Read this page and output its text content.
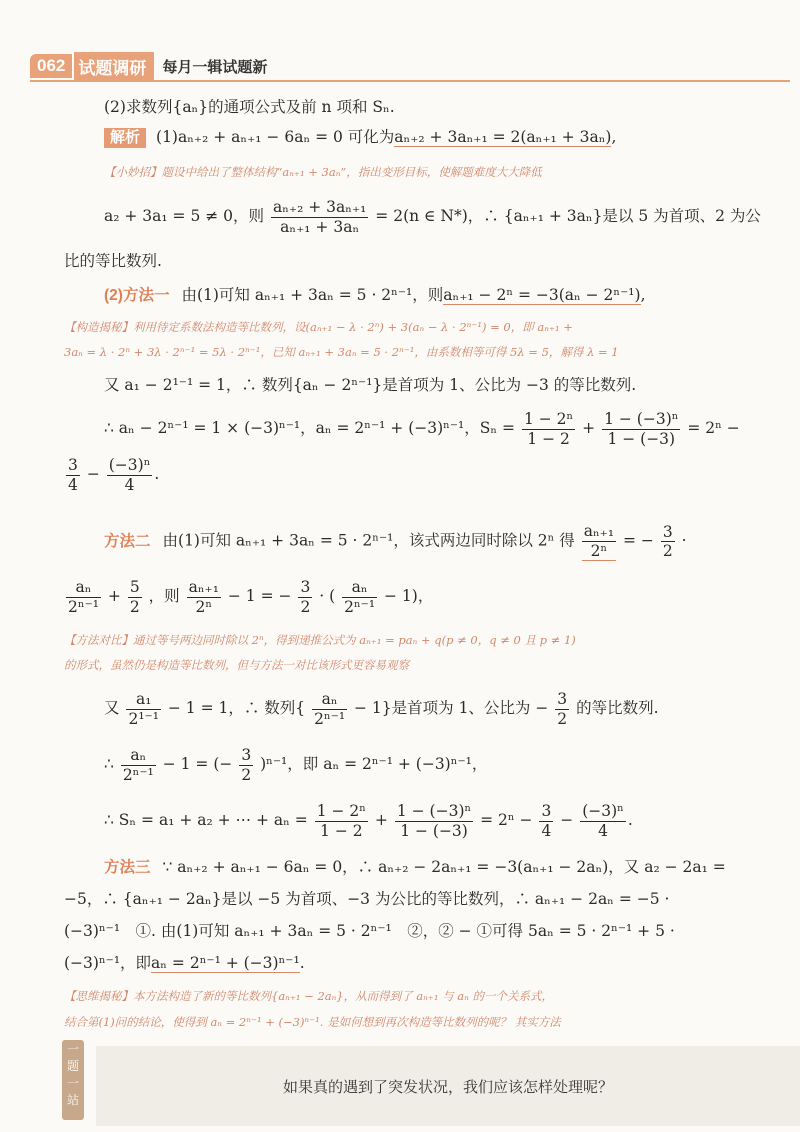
062 试题调研	每月一辑试题新
(2)求数列{aₙ}的通项公式及前 n 项和 Sₙ.
解析 (1)aₙ₊₂ + aₙ₊₁ − 6aₙ = 0 可化为aₙ₊₂ + 3aₙ₊₁ = 2(aₙ₊₁ + 3aₙ),
【小妙招】题设中给出了整体结构“aₙ₊₁ + 3aₙ”，指出变形目标，使解题难度大大降低
a₂ + 3a₁ = 5 ≠ 0，则 $\frac{\text{aₙ₊₂ + 3aₙ₊₁}}{\text{aₙ₊₁ + 3aₙ}} = 2(n$ ∈ N*)，∴ {aₙ₊₁ + 3aₙ}是以 5 为首项、2 为公
比的等比数列.
(2)方法一 由(1)可知 aₙ₊₁ + 3aₙ = 5 · 2ⁿ⁻¹，则aₙ₊₁ − 2ⁿ = −3(aₙ − 2ⁿ⁻¹),
【构造揭秘】利用待定系数法构造等比数列，设(aₙ₊₁ − λ · 2ⁿ) + 3(aₙ − λ · 2ⁿ⁻¹) = 0，即 aₙ₊₁ +
3aₙ = λ · 2ⁿ + 3λ · 2ⁿ⁻¹ = 5λ · 2ⁿ⁻¹，已知 aₙ₊₁ + 3aₙ = 5 · 2ⁿ⁻¹，由系数相等可得 5λ = 5，解得 λ = 1
又 a₁ − 2¹⁻¹ = 1，∴ 数列{aₙ − 2ⁿ⁻¹}是首项为 1、公比为 −3 的等比数列.
∴ aₙ − 2ⁿ⁻¹ = 1 × (−3)ⁿ⁻¹，aₙ = 2ⁿ⁻¹ + (−3)ⁿ⁻¹，$S_n = \frac{\text{1 − 2ⁿ}}{1 - 2} + \frac{\text{1 − (−3)ⁿ}}{1 - (-3)} = 2^n$ −
$\frac{3}{4} - \frac{\text{(−3)ⁿ}}{4}$ .
方法二 由(1)可知 aₙ₊₁ + 3aₙ = 5 · 2ⁿ⁻¹，该式两边同时除以 2ⁿ 得 $\frac{\text{aₙ₊₁}}{\text{2ⁿ}}$ = − $\frac{3}{2}$ ·
$\frac{\text{aₙ}}{\text{2ⁿ⁻¹}} + \frac{5}{2}$ ，则 $\frac{\text{aₙ₊₁}}{\text{2ⁿ}} - 1$ = − $\frac{3}{2}$ · ( $\frac{\text{aₙ}}{\text{2ⁿ⁻¹}} - 1$)，
【方法对比】通过等号两边同时除以 2ⁿ，得到递推公式为 aₙ₊₁ = paₙ + q(p ≠ 0，q ≠ 0 且 p ≠ 1)
的形式，虽然仍是构造等比数列，但与方法一对比该形式更容易观察
又 $\frac{\text{a₁}}{\text{2¹⁻¹}} - 1 = 1$，∴ 数列{ $\frac{\text{aₙ}}{\text{2ⁿ⁻¹}} - 1$}是首项为 1、公比为 − $\frac{3}{2}$ 的等比数列.
∴ $\frac{\text{aₙ}}{\text{2ⁿ⁻¹}} - 1$ = (− $\frac{3}{2} )^{n-1}$，即 aₙ = 2ⁿ⁻¹ + (−3)ⁿ⁻¹，
∴ Sₙ = a₁ + a₂ + ⋯ + $a_n = \frac{\text{1 − 2ⁿ}}{1 - 2} + \frac{\text{1 − (−3)ⁿ}}{1 - (-3)} = 2^n - \frac{3}{4} - \frac{\text{(−3)ⁿ}}{4}$ .
方法三 ∵ aₙ₊₂ + aₙ₊₁ − 6aₙ = 0，∴ aₙ₊₂ − 2aₙ₊₁ = −3(aₙ₊₁ − 2aₙ)，又 a₂ − 2a₁ =
−5，∴ {aₙ₊₁ − 2aₙ}是以 −5 为首项、−3 为公比的等比数列，∴ aₙ₊₁ − 2aₙ = −5 ·
(−3)ⁿ⁻¹　①. 由(1)可知 aₙ₊₁ + 3aₙ = 5 · 2ⁿ⁻¹　②，② − ①可得 5aₙ = 5 · 2ⁿ⁻¹ + 5 ·
(−3)ⁿ⁻¹，即aₙ = 2ⁿ⁻¹ + (−3)ⁿ⁻¹.
【思维揭秘】本方法构造了新的等比数列{aₙ₊₁ − 2aₙ}，从而得到了 aₙ₊₁ 与 aₙ 的一个关系式，
结合第(1)问的结论，使得到 aₙ = 2ⁿ⁻¹ + (−3)ⁿ⁻¹. 是如何想到再次构造等比数列的呢？ 其实方法
如果真的遇到了突发状况，我们应该怎样处理呢？
一题一站
